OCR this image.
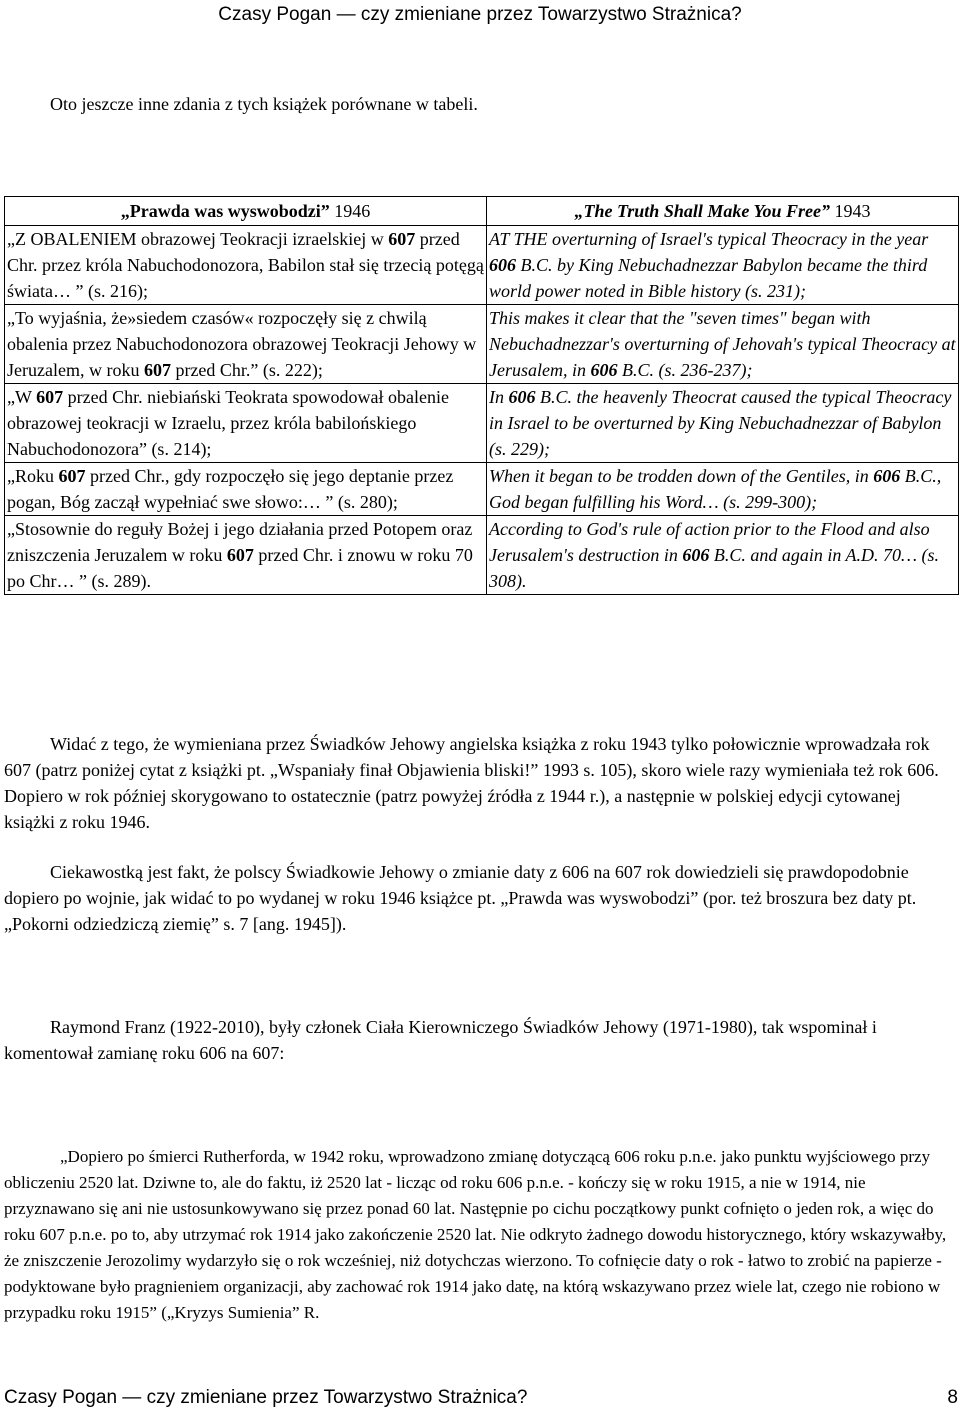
Czasy Pogan — czy zmieniane przez Towarzystwo Strażnica?
Oto jeszcze inne zdania z tych książek porównane w tabeli.
„Prawda was wyswobodzi” 1946	„The Truth Shall Make You Free” 1943
„Z OBALENIEM obrazowej Teokracji izraelskiej w 607 przed Chr. przez króla Nabuchodonozora, Babilon stał się trzecią potęgą świata… ” (s. 216);	AT THE overturning of Israel's typical Theocracy in the year 606 B.C. by King Nebuchadnezzar Babylon became the third world power noted in Bible history (s. 231);
„To wyjaśnia, że»siedem czasów« rozpoczęły się z chwilą obalenia przez Nabuchodonozora obrazowej Teokracji Jehowy w Jeruzalem, w roku 607 przed Chr.” (s. 222);	This makes it clear that the "seven times" began with Nebuchadnezzar's overturning of Jehovah's typical Theocracy at Jerusalem, in 606 B.C. (s. 236-237);
„W 607 przed Chr. niebiański Teokrata spowodował obalenie obrazowej teokracji w Izraelu, przez króla babilońskiego Nabuchodonozora” (s. 214);	In 606 B.C. the heavenly Theocrat caused the typical Theocracy in Israel to be overturned by King Nebuchadnezzar of Babylon (s. 229);
„Roku 607 przed Chr., gdy rozpoczęło się jego deptanie przez pogan, Bóg zaczął wypełniać swe słowo:… ” (s. 280);	When it began to be trodden down of the Gentiles, in 606 B.C., God began fulfilling his Word… (s. 299-300);
„Stosownie do reguły Bożej i jego działania przed Potopem oraz zniszczenia Jeruzalem w roku 607 przed Chr. i znowu w roku 70 po Chr… ” (s. 289).	According to God's rule of action prior to the Flood and also Jerusalem's destruction in 606 B.C. and again in A.D. 70… (s. 308).
Widać z tego, że wymieniana przez Świadków Jehowy angielska książka z roku 1943 tylko połowicznie wprowadzała rok 607 (patrz poniżej cytat z książki pt. „Wspaniały finał Objawienia bliski!” 1993 s. 105), skoro wiele razy wymieniała też rok 606. Dopiero w rok później skorygowano to ostatecznie (patrz powyżej źródła z 1944 r.), a następnie w polskiej edycji cytowanej książki z roku 1946.
Ciekawostką jest fakt, że polscy Świadkowie Jehowy o zmianie daty z 606 na 607 rok dowiedzieli się prawdopodobnie dopiero po wojnie, jak widać to po wydanej w roku 1946 książce pt. „Prawda was wyswobodzi” (por. też broszura bez daty pt. „Pokorni odziedziczą ziemię” s. 7 [ang. 1945]).
Raymond Franz (1922-2010), były członek Ciała Kierowniczego Świadków Jehowy (1971-1980), tak wspominał i komentował zamianę roku 606 na 607:
„Dopiero po śmierci Rutherforda, w 1942 roku, wprowadzono zmianę dotyczącą 606 roku p.n.e. jako punktu wyjściowego przy obliczeniu 2520 lat. Dziwne to, ale do faktu, iż 2520 lat - licząc od roku 606 p.n.e. - kończy się w roku 1915, a nie w 1914, nie przyznawano się ani nie ustosunkowywano się przez ponad 60 lat. Następnie po cichu początkowy punkt cofnięto o jeden rok, a więc do roku 607 p.n.e. po to, aby utrzymać rok 1914 jako zakończenie 2520 lat. Nie odkryto żadnego dowodu historycznego, który wskazywałby, że zniszczenie Jerozolimy wydarzyło się o rok wcześniej, niż dotychczas wierzono. To cofnięcie daty o rok - łatwo to zrobić na papierze - podyktowane było pragnieniem organizacji, aby zachować rok 1914 jako datę, na którą wskazywano przez wiele lat, czego nie robiono w przypadku roku 1915” („Kryzys Sumienia” R.
Czasy Pogan — czy zmieniane przez Towarzystwo Strażnica?	8
